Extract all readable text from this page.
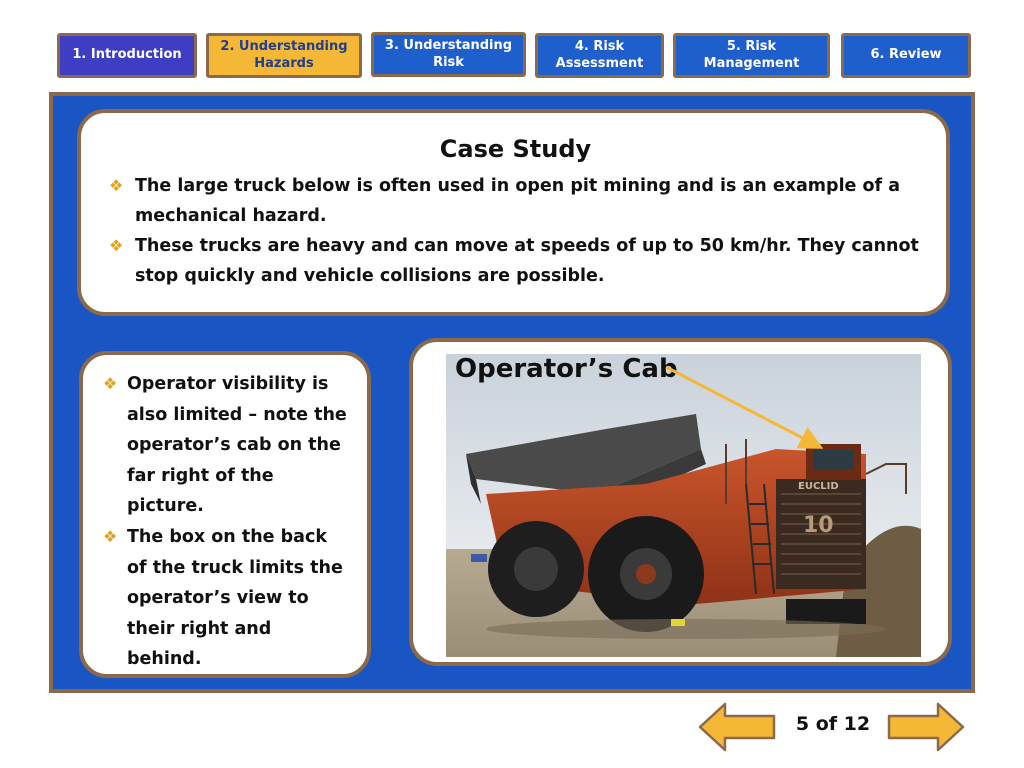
1. Introduction
2. Understanding Hazards
3. Understanding Risk
4. Risk Assessment
5. Risk Management
6. Review
Case Study
❖ The large truck below is often used in open pit mining and is an example of a mechanical hazard.
❖ These trucks are heavy and can move at speeds of up to 50 km/hr. They cannot stop quickly and vehicle collisions are possible.
❖ Operator visibility is also limited – note the operator’s cab on the far right of the picture.
❖ The box on the back of the truck limits the operator’s view to their right and behind.
EUCLID
10
Operator’s Cab
5 of 12
